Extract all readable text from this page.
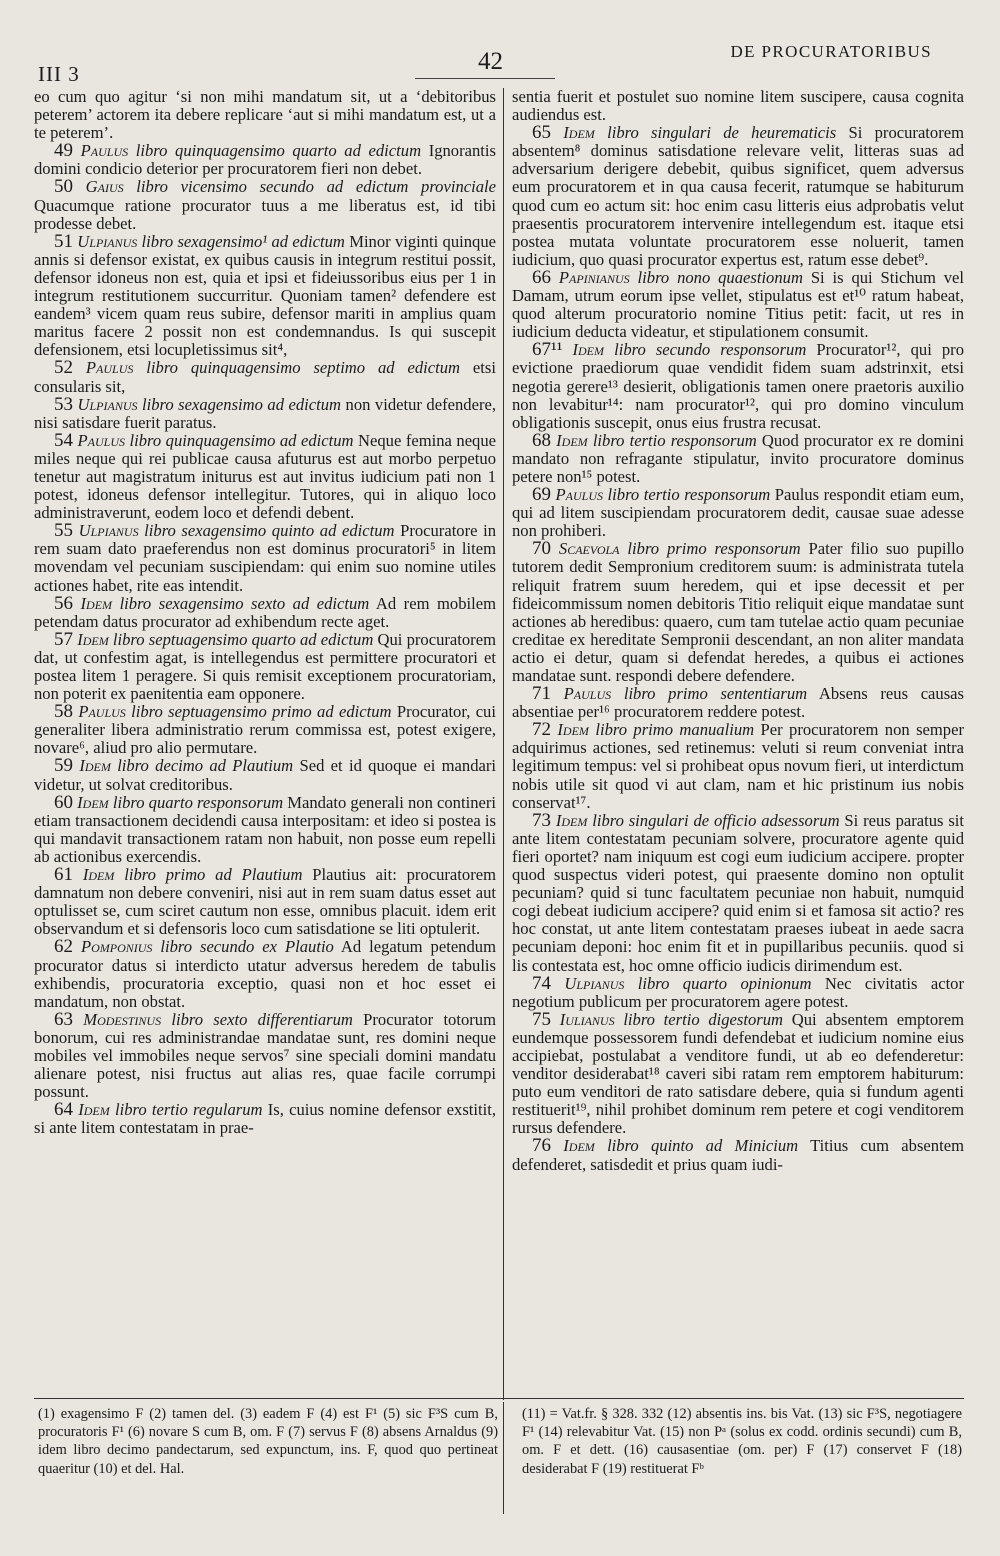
III 3	42	DE PROCURATORIBUS

eo cum quo agitur ‘si non mihi mandatum sit, ut a ‘debitoribus peterem’ actorem ita debere replicare ‘aut si mihi mandatum est, ut a te peterem’.

49 Paulus libro quinquagensimo quarto ad edictum Ignorantis domini condicio deterior per procuratorem fieri non debet.

50 Gaius libro vicensimo secundo ad edictum provinciale Quacumque ratione procurator tuus a me liberatus est, id tibi prodesse debet.

51 Ulpianus libro sexagensimo¹ ad edictum Minor viginti quinque annis si defensor existat, ex quibus causis in integrum restitui possit, defensor idoneus non est, quia et ipsi et fideiussoribus eius per 1 in integrum restitutionem succurritur. Quoniam tamen² defendere est eandem³ vicem quam reus subire, defensor mariti in amplius quam maritus facere 2 possit non est condemnandus. Is qui suscepit defensionem, etsi locupletissimus sit⁴,

52 Paulus libro quinquagensimo septimo ad edictum etsi consularis sit,

53 Ulpianus libro sexagensimo ad edictum non videtur defendere, nisi satisdare fuerit paratus.

54 Paulus libro quinquagensimo ad edictum Neque femina neque miles neque qui rei publicae causa afuturus est aut morbo perpetuo tenetur aut magistratum initurus est aut invitus iudicium pati non 1 potest, idoneus defensor intellegitur. Tutores, qui in aliquo loco administraverunt, eodem loco et defendi debent.

55 Ulpianus libro sexagensimo quinto ad edictum Procuratore in rem suam dato praeferendus non est dominus procuratori⁵ in litem movendam vel pecuniam suscipiendam: qui enim suo nomine utiles actiones habet, rite eas intendit.

56 Idem libro sexagensimo sexto ad edictum Ad rem mobilem petendam datus procurator ad exhibendum recte aget.

57 Idem libro septuagensimo quarto ad edictum Qui procuratorem dat, ut confestim agat, is intellegendus est permittere procuratori et postea litem 1 peragere. Si quis remisit exceptionem procuratoriam, non poterit ex paenitentia eam opponere.

58 Paulus libro septuagensimo primo ad edictum Procurator, cui generaliter libera administratio rerum commissa est, potest exigere, novare⁶, aliud pro alio permutare.

59 Idem libro decimo ad Plautium Sed et id quoque ei mandari videtur, ut solvat creditoribus.

60 Idem libro quarto responsorum Mandato generali non contineri etiam transactionem decidendi causa interpositam: et ideo si postea is qui mandavit transactionem ratam non habuit, non posse eum repelli ab actionibus exercendis.

61 Idem libro primo ad Plautium Plautius ait: procuratorem damnatum non debere conveniri, nisi aut in rem suam datus esset aut optulisset se, cum sciret cautum non esse, omnibus placuit. idem erit observandum et si defensoris loco cum satisdatione se liti optulerit.

62 Pomponius libro secundo ex Plautio Ad legatum petendum procurator datus si interdicto utatur adversus heredem de tabulis exhibendis, procuratoria exceptio, quasi non et hoc esset ei mandatum, non obstat.

63 Modestinus libro sexto differentiarum Procurator totorum bonorum, cui res administrandae mandatae sunt, res domini neque mobiles vel immobiles neque servos⁷ sine speciali domini mandatu alienare potest, nisi fructus aut alias res, quae facile corrumpi possunt.

64 Idem libro tertio regularum Is, cuius nomine defensor exstitit, si ante litem contestatam in prae-

sentia fuerit et postulet suo nomine litem suscipere, causa cognita audiendus est.

65 Idem libro singulari de heurematicis Si procuratorem absentem⁸ dominus satisdatione relevare velit, litteras suas ad adversarium derigere debebit, quibus significet, quem adversus eum procuratorem et in qua causa fecerit, ratumque se habiturum quod cum eo actum sit: hoc enim casu litteris eius adprobatis velut praesentis procuratorem intervenire intellegendum est. itaque etsi postea mutata voluntate procuratorem esse noluerit, tamen iudicium, quo quasi procurator expertus est, ratum esse debet⁹.

66 Papinianus libro nono quaestionum Si is qui Stichum vel Damam, utrum eorum ipse vellet, stipulatus est et¹⁰ ratum habeat, quod alterum procuratorio nomine Titius petit: facit, ut res in iudicium deducta videatur, et stipulationem consumit.

67¹¹ Idem libro secundo responsorum Procurator¹², qui pro evictione praediorum quae vendidit fidem suam adstrinxit, etsi negotia gerere¹³ desierit, obligationis tamen onere praetoris auxilio non levabitur¹⁴: nam procurator¹², qui pro domino vinculum obligationis suscepit, onus eius frustra recusat.

68 Idem libro tertio responsorum Quod procurator ex re domini mandato non refragante stipulatur, invito procuratore dominus petere non¹⁵ potest.

69 Paulus libro tertio responsorum Paulus respondit etiam eum, qui ad litem suscipiendam procuratorem dedit, causae suae adesse non prohiberi.

70 Scaevola libro primo responsorum Pater filio suo pupillo tutorem dedit Sempronium creditorem suum: is administrata tutela reliquit fratrem suum heredem, qui et ipse decessit et per fideicommissum nomen debitoris Titio reliquit eique mandatae sunt actiones ab heredibus: quaero, cum tam tutelae actio quam pecuniae creditae ex hereditate Sempronii descendant, an non aliter mandata actio ei detur, quam si defendat heredes, a quibus ei actiones mandatae sunt. respondi debere defendere.

71 Paulus libro primo sententiarum Absens reus causas absentiae per¹⁶ procuratorem reddere potest.

72 Idem libro primo manualium Per procuratorem non semper adquirimus actiones, sed retinemus: veluti si reum conveniat intra legitimum tempus: vel si prohibeat opus novum fieri, ut interdictum nobis utile sit quod vi aut clam, nam et hic pristinum ius nobis conservat¹⁷.

73 Idem libro singulari de officio adsessorum Si reus paratus sit ante litem contestatam pecuniam solvere, procuratore agente quid fieri oportet? nam iniquum est cogi eum iudicium accipere. propter quod suspectus videri potest, qui praesente domino non optulit pecuniam? quid si tunc facultatem pecuniae non habuit, numquid cogi debeat iudicium accipere? quid enim si et famosa sit actio? res hoc constat, ut ante litem contestatam praeses iubeat in aede sacra pecuniam deponi: hoc enim fit et in pupillaribus pecuniis. quod si lis contestata est, hoc omne officio iudicis dirimendum est.

74 Ulpianus libro quarto opinionum Nec civitatis actor negotium publicum per procuratorem agere potest.

75 Iulianus libro tertio digestorum Qui absentem emptorem eundemque possessorem fundi defendebat et iudicium nomine eius accipiebat, postulabat a venditore fundi, ut ab eo defenderetur: venditor desiderabat¹⁸ caveri sibi ratam rem emptorem habiturum: puto eum venditori de rato satisdare debere, quia si fundum agenti restituerit¹⁹, nihil prohibet dominum rem petere et cogi venditorem rursus defendere.

76 Idem libro quinto ad Minicium Titius cum absentem defenderet, satisdedit et prius quam iudi-

(1) exagensimo F (2) tamen del. (3) eadem F (4) est F¹ (5) sic F³S cum B, procuratoris F¹ (6) novare S cum B, om. F (7) servus F (8) absens Arnaldus (9) idem libro decimo pandectarum, sed expunctum, ins. F, quod quo pertineat quaeritur (10) et del. Hal.

(11) = Vat.fr. § 328. 332 (12) absentis ins. bis Vat. (13) sic F³S, negotiagere F¹ (14) relevabitur Vat. (15) non Pᵃ (solus ex codd. ordinis secundi) cum B, om. F et dett. (16) causasentiae (om. per) F (17) conservet F (18) desiderabat F (19) restituerat Fᵇ
